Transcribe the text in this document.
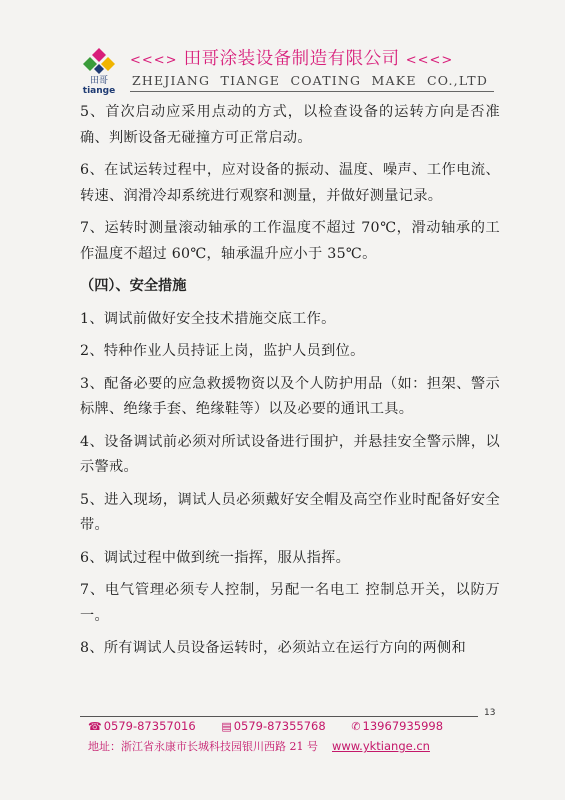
田哥
tiange
<<<> 田哥涂装设备制造有限公司 <<<>
ZHEJIANG  TIANGE  COATING  MAKE  CO.,LTD

5、首次启动应采用点动的方式，以检查设备的运转方向是否准确、判断设备无碰撞方可正常启动。

6、在试运转过程中，应对设备的振动、温度、噪声、工作电流、转速、润滑冷却系统进行观察和测量，并做好测量记录。

7、运转时测量滚动轴承的工作温度不超过 70℃，滑动轴承的工作温度不超过 60℃，轴承温升应小于 35℃。

（四）、安全措施

1、调试前做好安全技术措施交底工作。

2、特种作业人员持证上岗，监护人员到位。

3、配备必要的应急救援物资以及个人防护用品（如：担架、警示标牌、绝缘手套、绝缘鞋等）以及必要的通讯工具。

4、设备调试前必须对所试设备进行围护，并悬挂安全警示牌，以示警戒。

5、进入现场，调试人员必须戴好安全帽及高空作业时配备好安全带。

6、调试过程中做到统一指挥，服从指挥。

7、电气管理必须专人控制，另配一名电工 控制总开关，以防万一。

8、所有调试人员设备运转时，必须站立在运行方向的两侧和

13
☎ 0579-87357016 ▤ 0579-87355768 ✆ 13967935998
地址：浙江省永康市长城科技园银川西路 21 号 www.yktiange.cn
